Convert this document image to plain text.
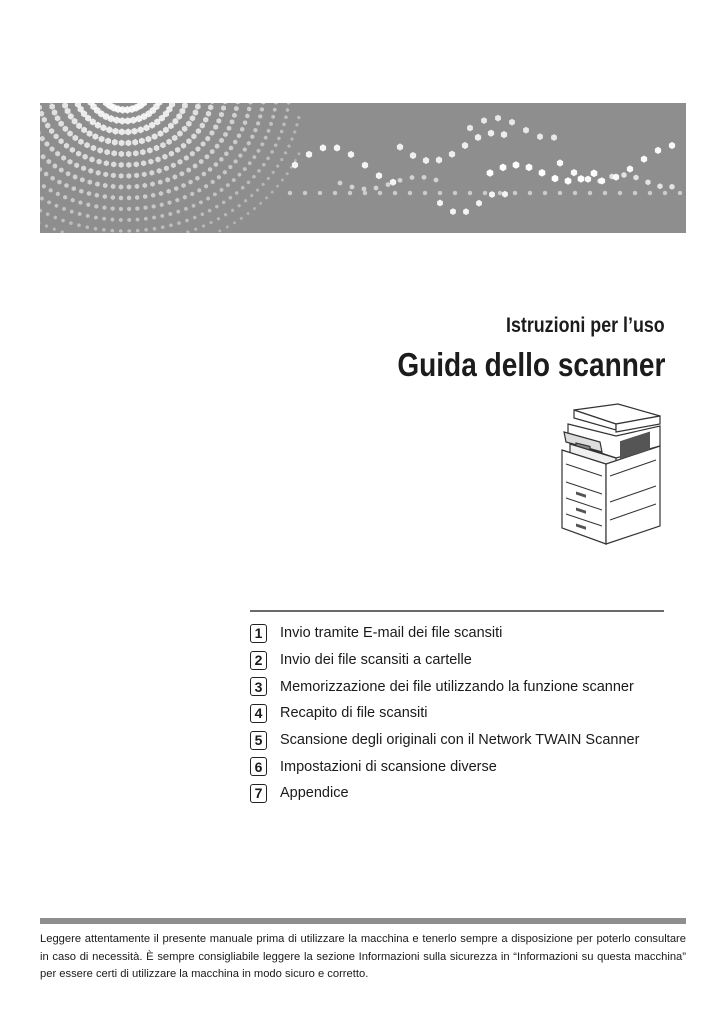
Istruzioni per l’uso
Guida dello scanner
1	Invio tramite E-mail dei file scansiti
2	Invio dei file scansiti a cartelle
3	Memorizzazione dei file utilizzando la funzione scanner
4	Recapito di file scansiti
5	Scansione degli originali con il Network TWAIN Scanner
6	Impostazioni di scansione diverse
7	Appendice

Leggere attentamente il presente manuale prima di utilizzare la macchina e tenerlo sempre a disposizione per poterlo consultare in caso di necessità. È sempre consigliabile leggere la sezione Informazioni sulla sicurezza in “Informazioni su questa macchina” per essere certi di utilizzare la macchina in modo sicuro e corretto.
